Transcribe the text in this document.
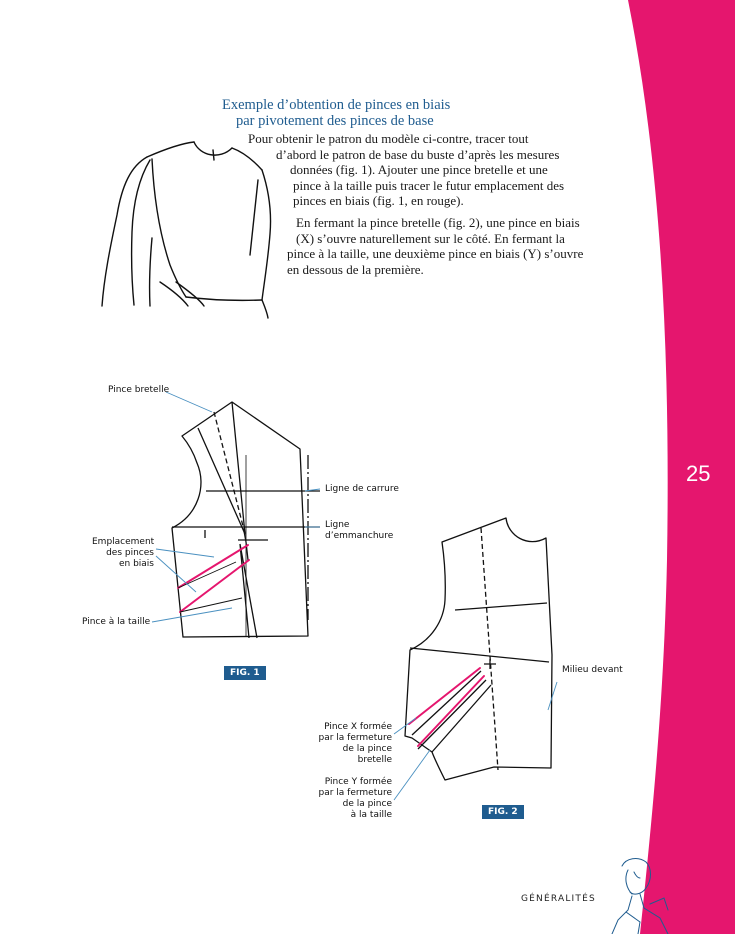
Exemple d’obtention de pinces en biais
par pivotement des pinces de base
Pour obtenir le patron du modèle ci-contre, tracer tout
d’abord le patron de base du buste d’après les mesures
données (fig. 1). Ajouter une pince bretelle et une
pince à la taille puis tracer le futur emplacement des
pinces en biais (fig. 1, en rouge).
En fermant la pince bretelle (fig. 2), une pince en biais
(X) s’ouvre naturellement sur le côté. En fermant la
pince à la taille, une deuxième pince en biais (Y) s’ouvre
en dessous de la première.
Pince bretelle
Ligne de carrure
Ligne
d’emmanchure
Emplacement
des pinces
en biais
Pince à la taille
FIG. 1	Milieu devant
Pince X formée
par la fermeture
de la pince
bretelle
Pince Y formée
par la fermeture
de la pince
à la taille	FIG. 2
25
GÉNÉRALITÉS
